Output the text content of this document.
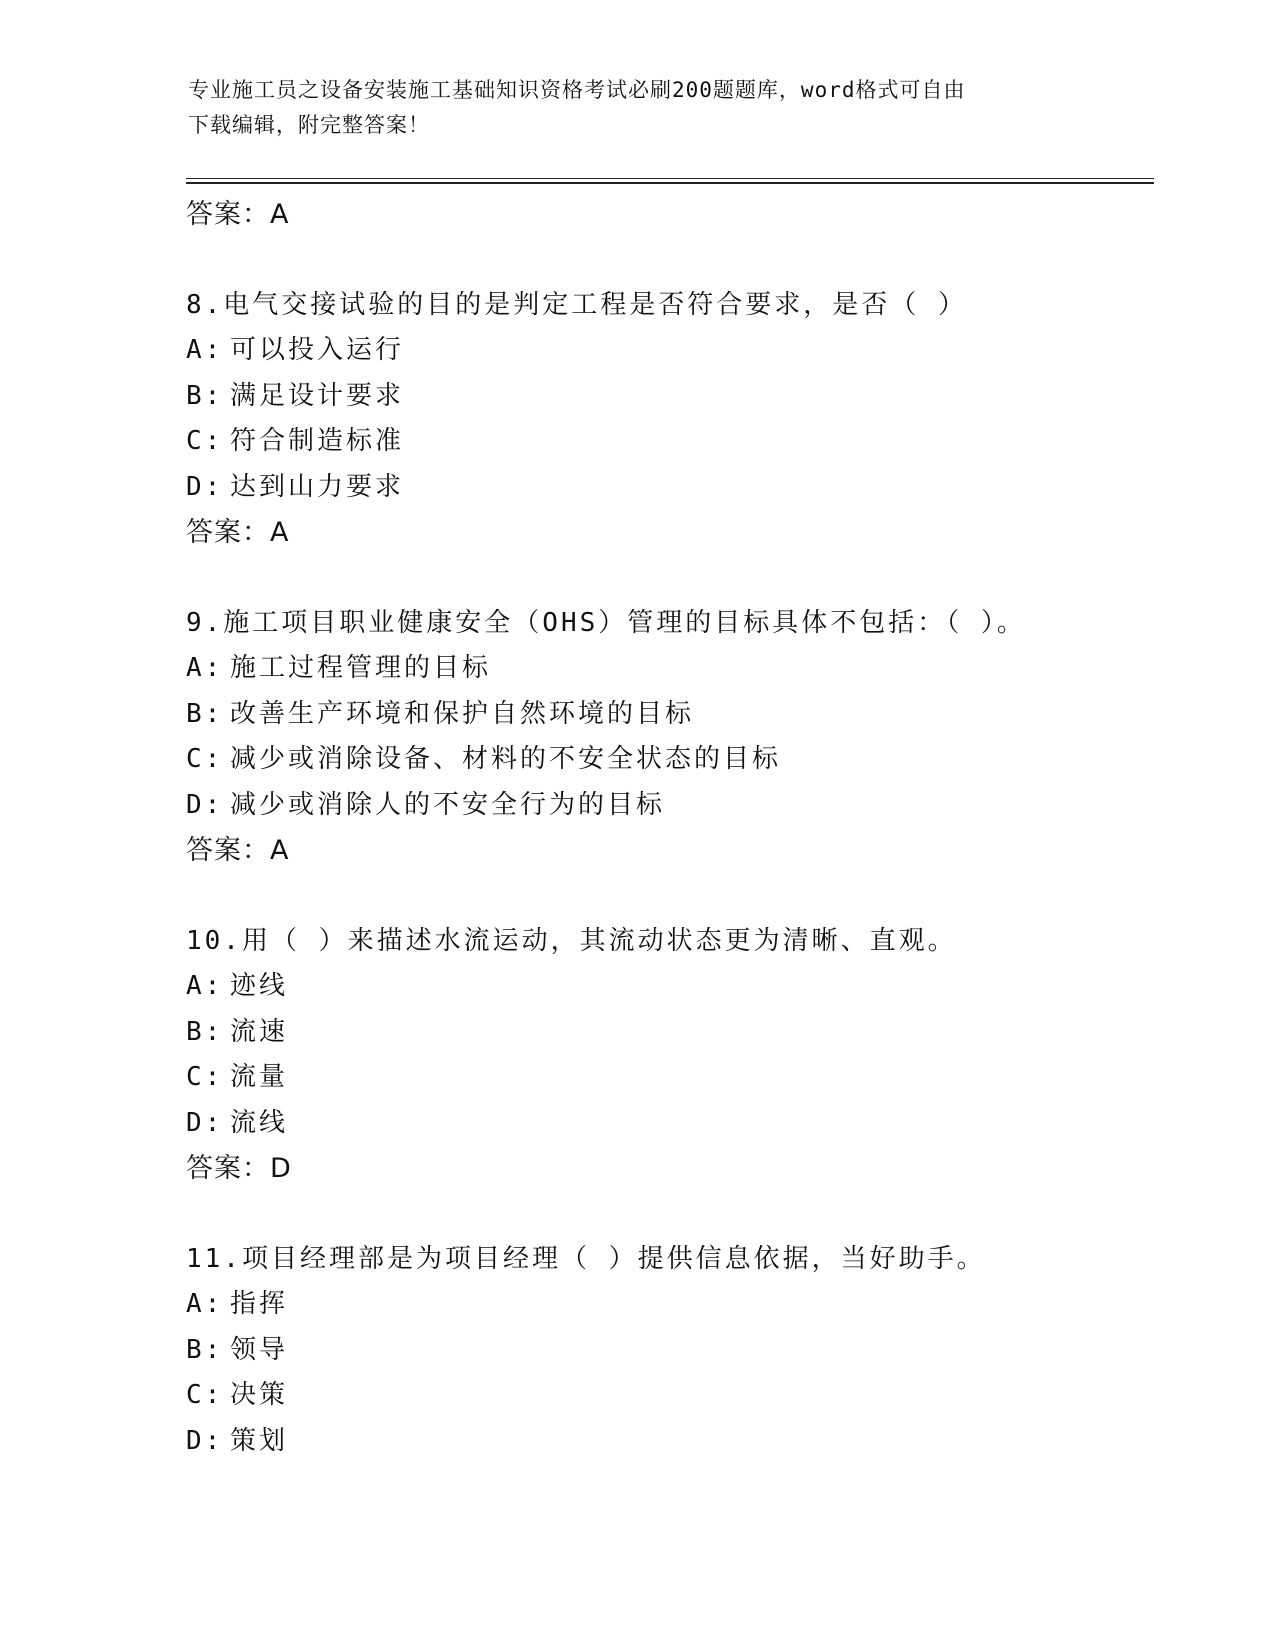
专业施工员之设备安装施工基础知识资格考试必刷200题题库，word格式可自由
下载编辑，附完整答案！
答案：A
8.电气交接试验的目的是判定工程是否符合要求，是否（ ）
A: 可以投入运行
B: 满足设计要求
C: 符合制造标准
D: 达到山力要求
答案：A
9.施工项目职业健康安全（OHS）管理的目标具体不包括：（ ）。
A: 施工过程管理的目标
B: 改善生产环境和保护自然环境的目标
C: 减少或消除设备、材料的不安全状态的目标
D: 减少或消除人的不安全行为的目标
答案：A
10.用（ ）来描述水流运动，其流动状态更为清晰、直观。
A: 迹线
B: 流速
C: 流量
D: 流线
答案：D
11.项目经理部是为项目经理（ ）提供信息依据，当好助手。
A: 指挥
B: 领导
C: 决策
D: 策划
